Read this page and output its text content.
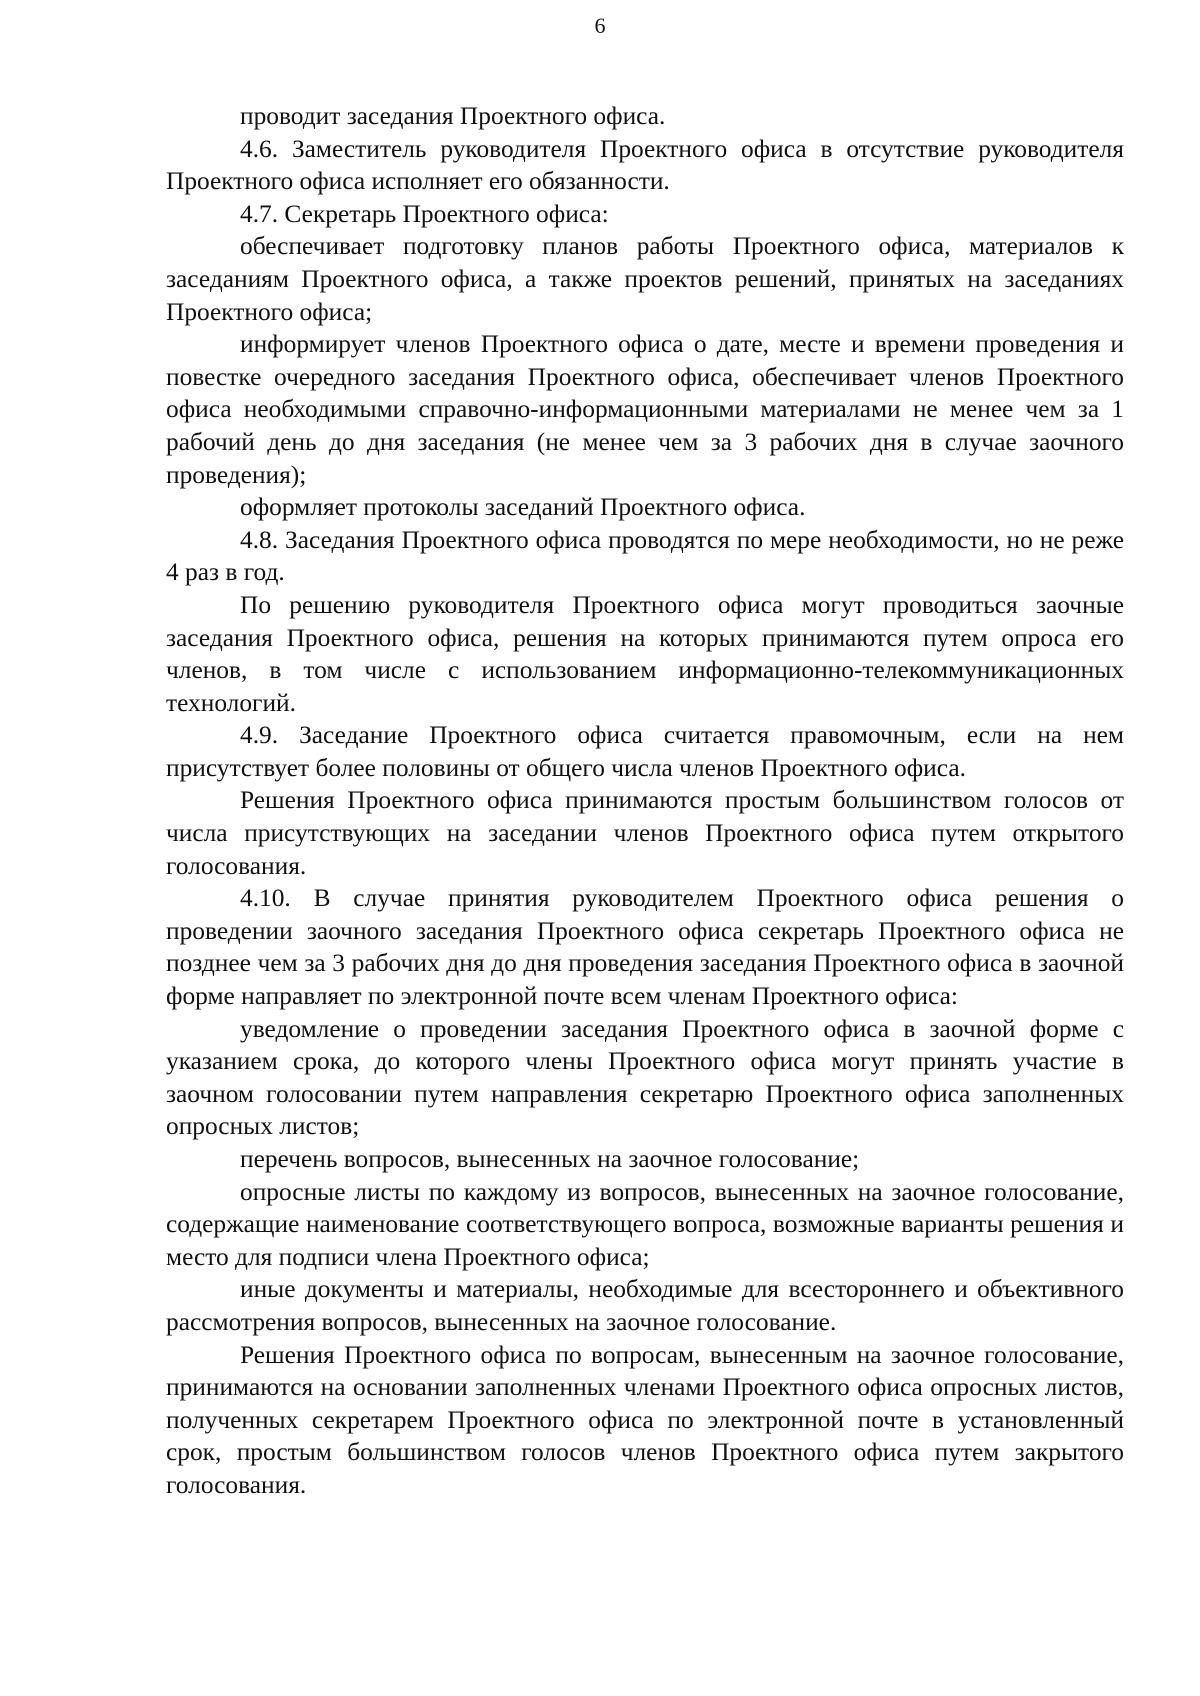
6

проводит заседания Проектного офиса.

4.6. Заместитель руководителя Проектного офиса в отсутствие руководителя Проектного офиса исполняет его обязанности.

4.7. Секретарь Проектного офиса:

обеспечивает подготовку планов работы Проектного офиса, материалов к заседаниям Проектного офиса, а также проектов решений, принятых на заседаниях Проектного офиса;

информирует членов Проектного офиса о дате, месте и времени проведения и повестке очередного заседания Проектного офиса, обеспечивает членов Проектного офиса необходимыми справочно-информационными материалами не менее чем за 1 рабочий день до дня заседания (не менее чем за 3 рабочих дня в случае заочного проведения);

оформляет протоколы заседаний Проектного офиса.

4.8. Заседания Проектного офиса проводятся по мере необходимости, но не реже 4 раз в год.

По решению руководителя Проектного офиса могут проводиться заочные заседания Проектного офиса, решения на которых принимаются путем опроса его членов, в том числе с использованием информационно-телекоммуникационных технологий.

4.9. Заседание Проектного офиса считается правомочным, если на нем присутствует более половины от общего числа членов Проектного офиса.

Решения Проектного офиса принимаются простым большинством голосов от числа присутствующих на заседании членов Проектного офиса путем открытого голосования.

4.10. В случае принятия руководителем Проектного офиса решения о проведении заочного заседания Проектного офиса секретарь Проектного офиса не позднее чем за 3 рабочих дня до дня проведения заседания Проектного офиса в заочной форме направляет по электронной почте всем членам Проектного офиса:

уведомление о проведении заседания Проектного офиса в заочной форме с указанием срока, до которого члены Проектного офиса могут принять участие в заочном голосовании путем направления секретарю Проектного офиса заполненных опросных листов;

перечень вопросов, вынесенных на заочное голосование;

опросные листы по каждому из вопросов, вынесенных на заочное голосование, содержащие наименование соответствующего вопроса, возможные варианты решения и место для подписи члена Проектного офиса;

иные документы и материалы, необходимые для всестороннего и объективного рассмотрения вопросов, вынесенных на заочное голосование.

Решения Проектного офиса по вопросам, вынесенным на заочное голосование, принимаются на основании заполненных членами Проектного офиса опросных листов, полученных секретарем Проектного офиса по электронной почте в установленный срок, простым большинством голосов членов Проектного офиса путем закрытого голосования.
